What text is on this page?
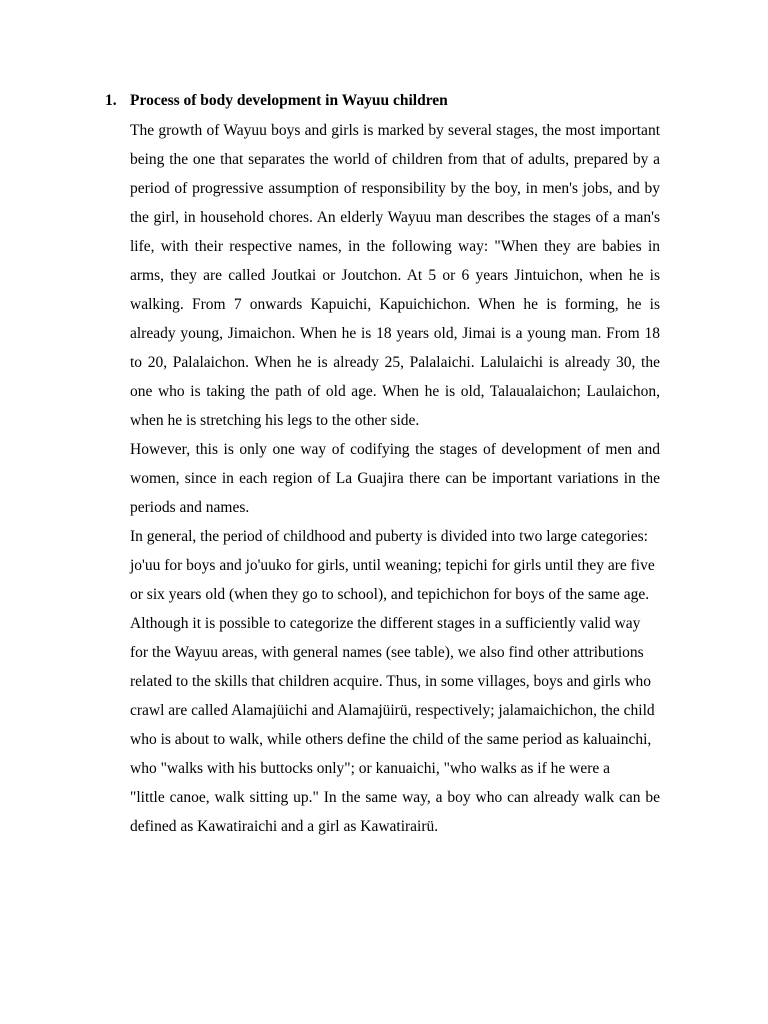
1. Process of body development in Wayuu children

The growth of Wayuu boys and girls is marked by several stages, the most important being the one that separates the world of children from that of adults, prepared by a period of progressive assumption of responsibility by the boy, in men's jobs, and by the girl, in household chores. An elderly Wayuu man describes the stages of a man's life, with their respective names, in the following way: "When they are babies in arms, they are called Joutkai or Joutchon. At 5 or 6 years Jintuichon, when he is walking. From 7 onwards Kapuichi, Kapuichichon. When he is forming, he is already young, Jimaichon. When he is 18 years old, Jimai is a young man. From 18 to 20, Palalaichon. When he is already 25, Palalaichi. Lalulaichi is already 30, the one who is taking the path of old age. When he is old, Talaualaichon; Laulaichon, when he is stretching his legs to the other side.

However, this is only one way of codifying the stages of development of men and women, since in each region of La Guajira there can be important variations in the periods and names.

In general, the period of childhood and puberty is divided into two large categories: jo'uu for boys and jo'uuko for girls, until weaning; tepichi for girls until they are five or six years old (when they go to school), and tepichichon for boys of the same age. Although it is possible to categorize the different stages in a sufficiently valid way for the Wayuu areas, with general names (see table), we also find other attributions related to the skills that children acquire. Thus, in some villages, boys and girls who crawl are called Alamajüichi and Alamajüirü, respectively; jalamaichichon, the child who is about to walk, while others define the child of the same period as kaluainchi, who "walks with his buttocks only"; or kanuaichi, "who walks as if he were a

"little canoe, walk sitting up." In the same way, a boy who can already walk can be defined as Kawatiraichi and a girl as Kawatirairü.
